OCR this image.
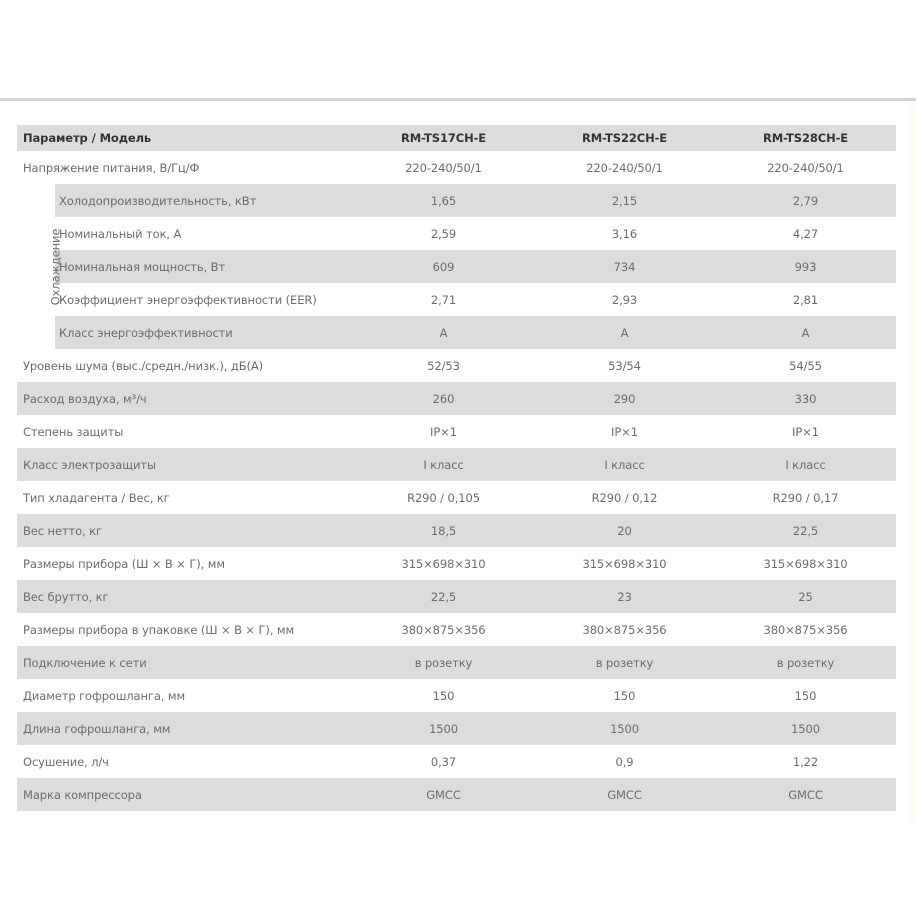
Параметр / Модель		RM-TS17CH-E	RM-TS22CH-E	RM-TS28CH-E
Напряжение питания, В/Гц/Ф		220-240/50/1	220-240/50/1	220-240/50/1
Охлаждение	Холодопроизводительность, кВт	1,65	2,15	2,79
	Номинальный ток, А	2,59	3,16	4,27
	Номинальная мощность, Вт	609	734	993
	Коэффициент энергоэффективности (EER)	2,71	2,93	2,81
	Класс энергоэффективности	A	A	A
Уровень шума (выс./средн./низк.), дБ(А)		52/53	53/54	54/55
Расход воздуха, м³/ч		260	290	330
Степень защиты		IP×1	IP×1	IP×1
Класс электрозащиты		I класс	I класс	I класс
Тип хладагента / Вес, кг		R290 / 0,105	R290 / 0,12	R290 / 0,17
Вес нетто, кг		18,5	20	22,5
Размеры прибора (Ш × В × Г), мм		315×698×310	315×698×310	315×698×310
Вес брутто, кг		22,5	23	25
Размеры прибора в упаковке (Ш × В × Г), мм		380×875×356	380×875×356	380×875×356
Подключение к сети		в розетку	в розетку	в розетку
Диаметр гофрошланга, мм		150	150	150
Длина гофрошланга, мм		1500	1500	1500
Осушение, л/ч		0,37	0,9	1,22
Марка компрессора		GMCC	GMCC	GMCC
